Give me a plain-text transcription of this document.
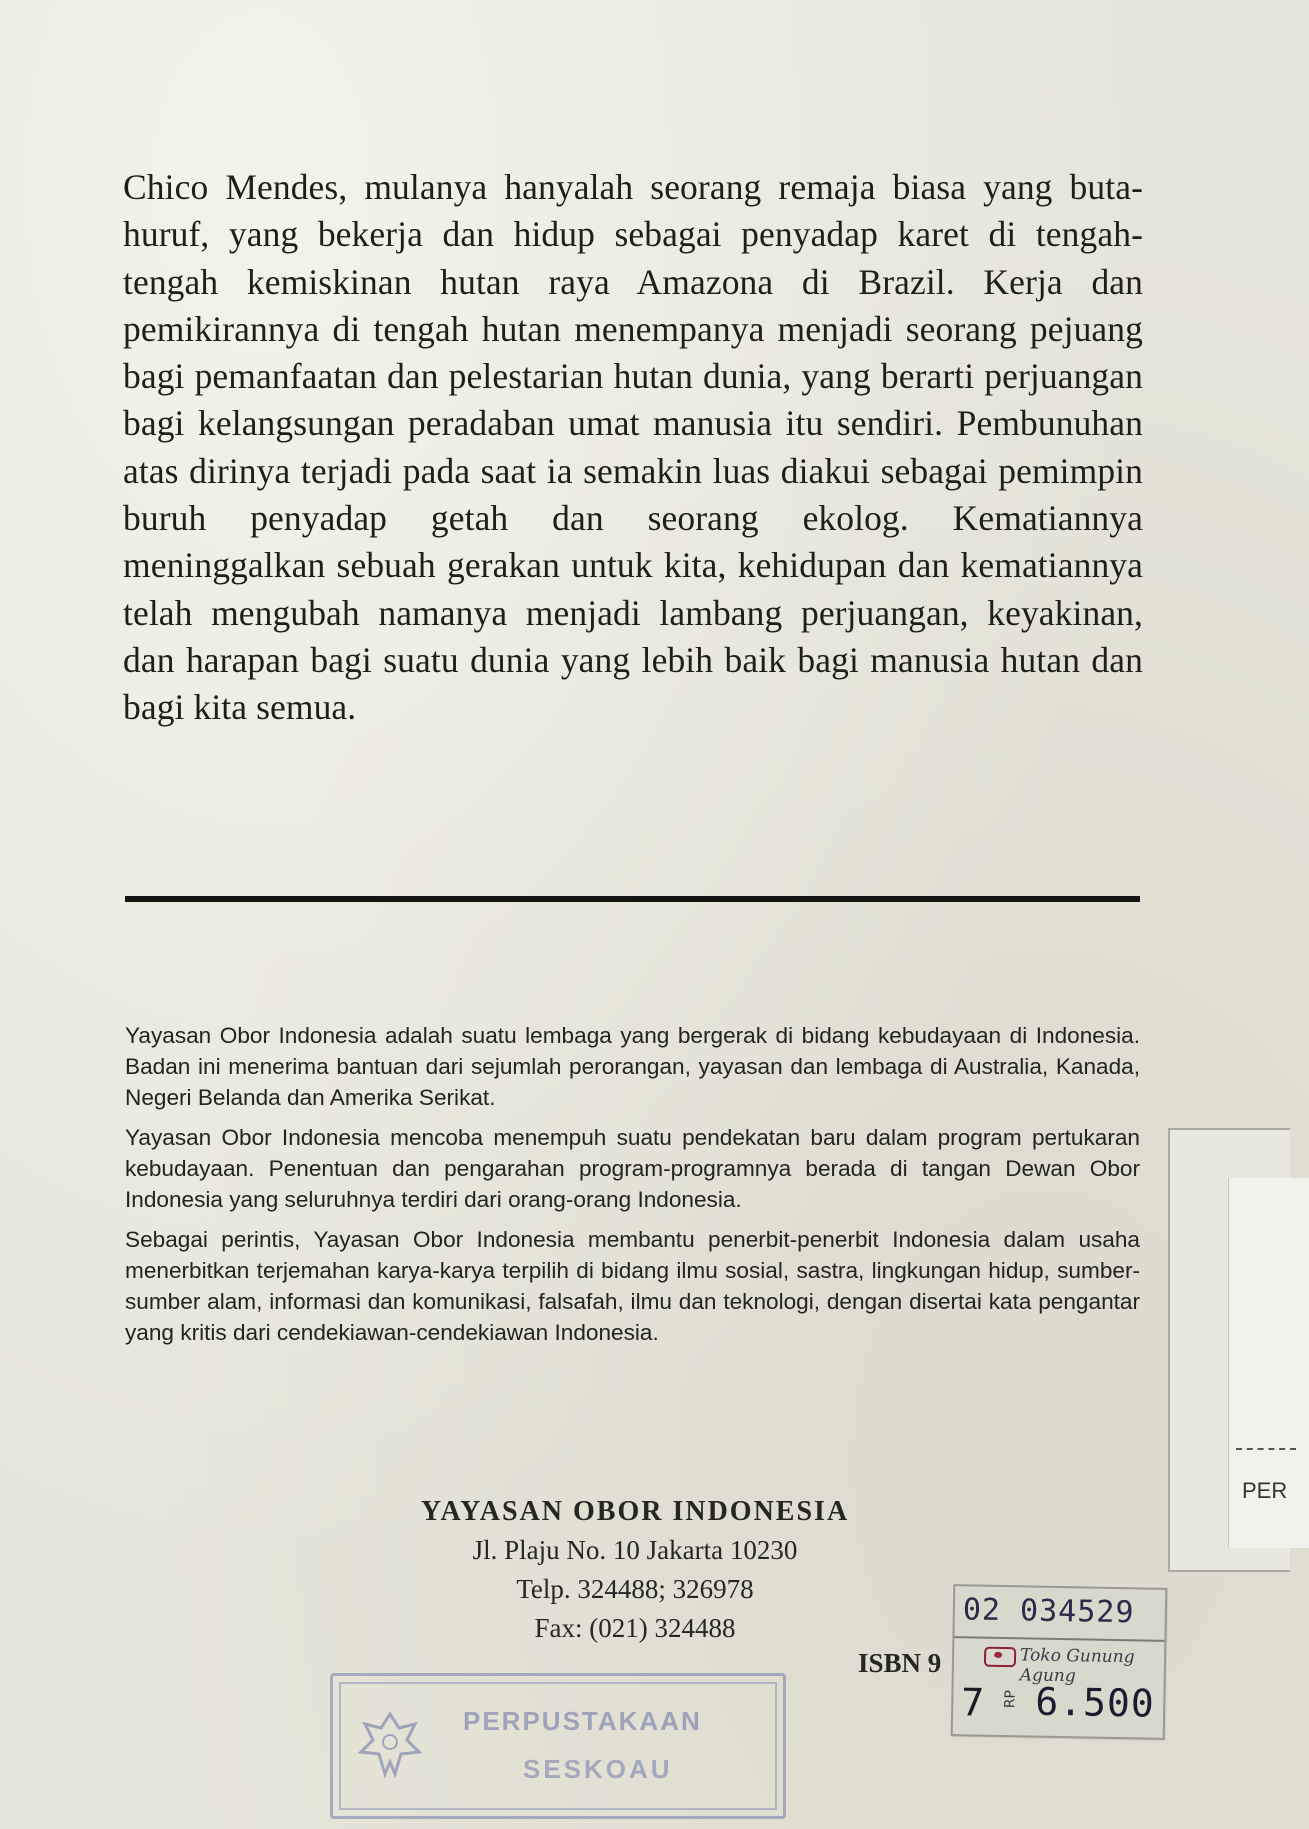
Chico Mendes, mulanya hanyalah seorang remaja biasa yang buta-huruf, yang bekerja dan hidup sebagai penyadap karet di tengah-tengah kemiskinan hutan raya Amazona di Brazil. Kerja dan pemikirannya di tengah hutan menempanya menjadi seorang pejuang bagi pemanfaatan dan pelestarian hutan dunia, yang berarti perjuangan bagi kelangsungan peradaban umat manusia itu sendiri. Pembunuhan atas dirinya terjadi pada saat ia semakin luas diakui sebagai pemimpin buruh penyadap getah dan seorang ekolog. Kematiannya meninggalkan sebuah gerakan untuk kita, kehidupan dan kematiannya telah mengubah namanya menjadi lambang perjuangan, keyakinan, dan harapan bagi suatu dunia yang lebih baik bagi manusia hutan dan bagi kita semua.

Yayasan Obor Indonesia adalah suatu lembaga yang bergerak di bidang kebudayaan di Indonesia. Badan ini menerima bantuan dari sejumlah perorangan, yayasan dan lembaga di Australia, Kanada, Negeri Belanda dan Amerika Serikat.

Yayasan Obor Indonesia mencoba menempuh suatu pendekatan baru dalam program pertukaran kebudayaan. Penentuan dan pengarahan program-programnya berada di tangan Dewan Obor Indonesia yang seluruhnya terdiri dari orang-orang Indonesia.

Sebagai perintis, Yayasan Obor Indonesia membantu penerbit-penerbit Indonesia dalam usaha menerbitkan terjemahan karya-karya terpilih di bidang ilmu sosial, sastra, lingkungan hidup, sumber-sumber alam, informasi dan komunikasi, falsafah, ilmu dan teknologi, dengan disertai kata pengantar yang kritis dari cendekiawan-cendekiawan Indonesia.

YAYASAN OBOR INDONESIA
Jl. Plaju No. 10 Jakarta 10230
Telp. 324488; 326978
Fax: (021) 324488
ISBN 9
02 034529
Toko Gunung Agung
7 RP 6.500
PERPUSTAKAAN
SESKOAU
PER
